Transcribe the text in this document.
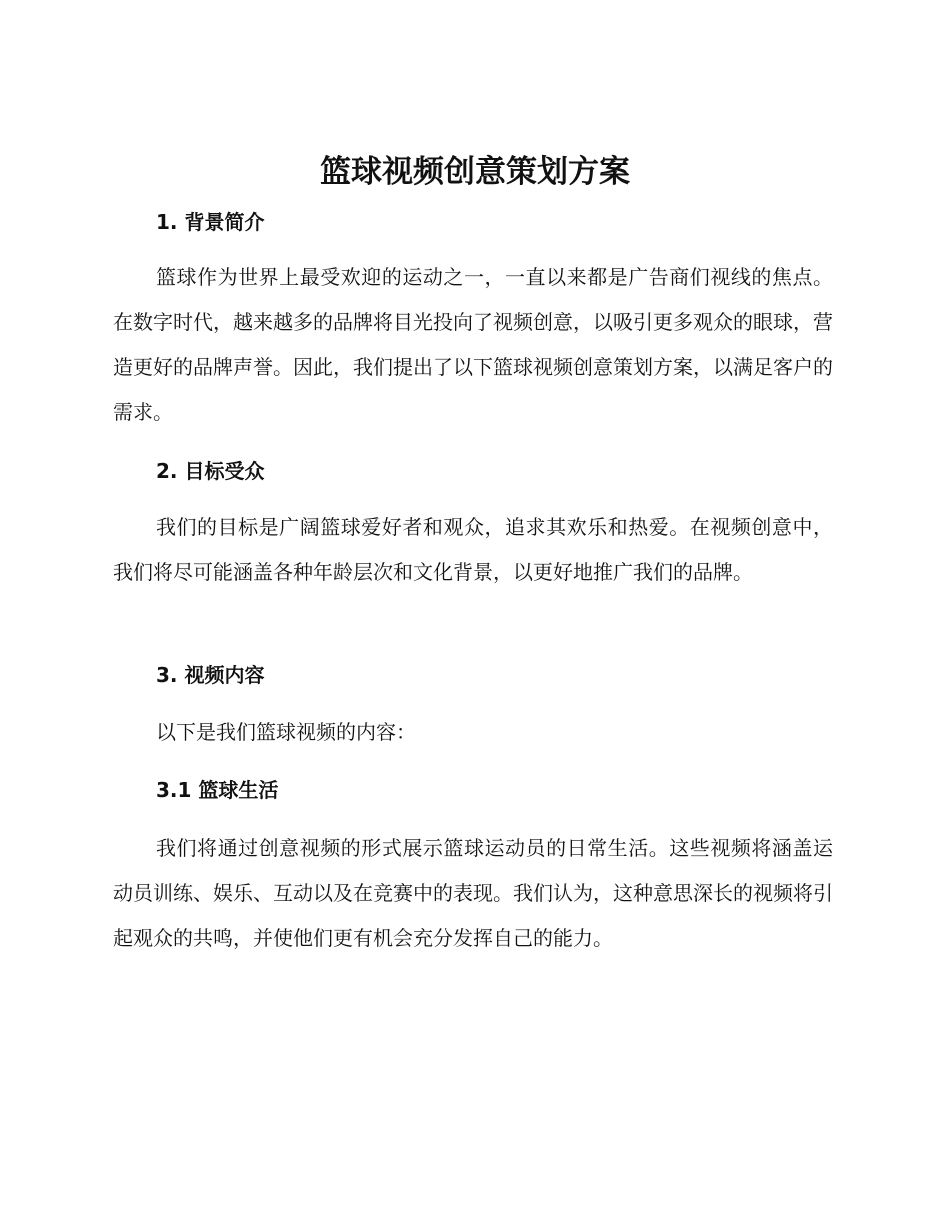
篮球视频创意策划方案
1. 背景简介

篮球作为世界上最受欢迎的运动之一，一直以来都是广告商们视线的焦点。在数字时代，越来越多的品牌将目光投向了视频创意，以吸引更多观众的眼球，营造更好的品牌声誉。因此，我们提出了以下篮球视频创意策划方案，以满足客户的需求。

2. 目标受众

我们的目标是广阔篮球爱好者和观众，追求其欢乐和热爱。在视频创意中，我们将尽可能涵盖各种年龄层次和文化背景，以更好地推广我们的品牌。

3. 视频内容

以下是我们篮球视频的内容：

3.1 篮球生活

我们将通过创意视频的形式展示篮球运动员的日常生活。这些视频将涵盖运动员训练、娱乐、互动以及在竞赛中的表现。我们认为，这种意思深长的视频将引起观众的共鸣，并使他们更有机会充分发挥自己的能力。
